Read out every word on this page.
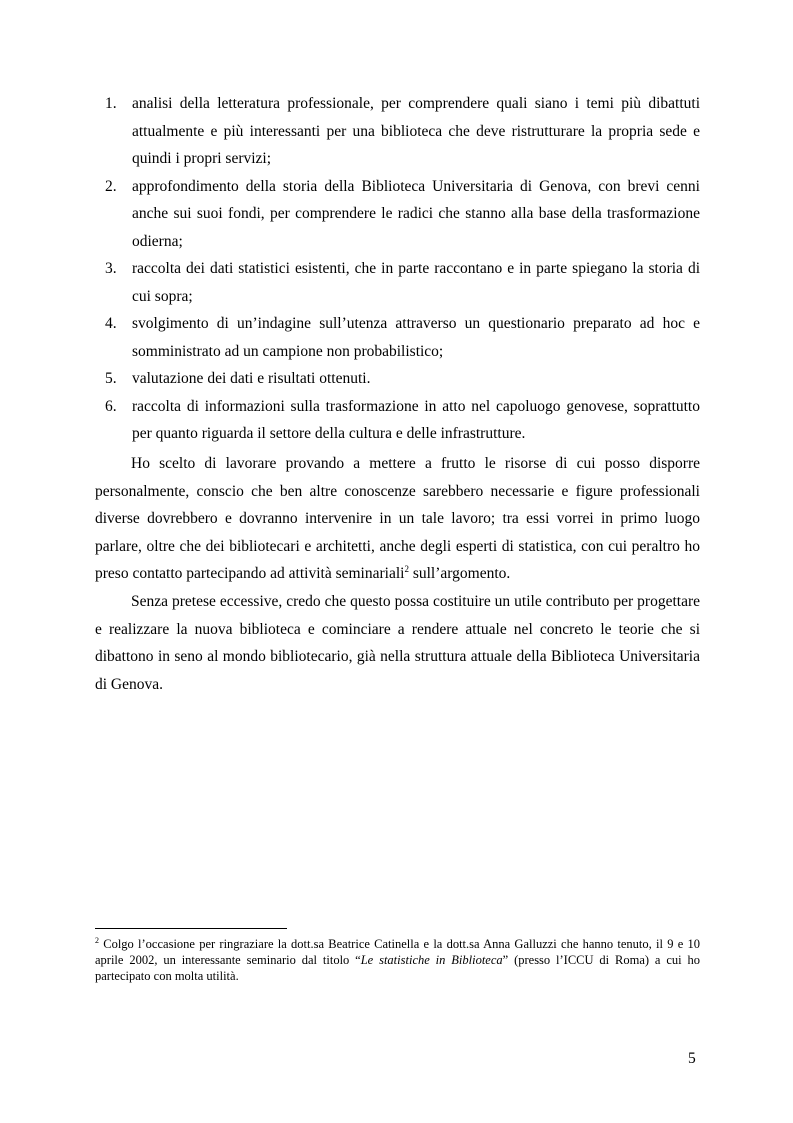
1. analisi della letteratura professionale, per comprendere quali siano i temi più dibattuti attualmente e più interessanti per una biblioteca che deve ristrutturare la propria sede e quindi i propri servizi;
2. approfondimento della storia della Biblioteca Universitaria di Genova, con brevi cenni anche sui suoi fondi, per comprendere le radici che stanno alla base della trasformazione odierna;
3. raccolta dei dati statistici esistenti, che in parte raccontano e in parte spiegano la storia di cui sopra;
4. svolgimento di un’indagine sull’utenza attraverso un questionario preparato ad hoc e somministrato ad un campione non probabilistico;
5. valutazione dei dati e risultati ottenuti.
6. raccolta di informazioni sulla trasformazione in atto nel capoluogo genovese, soprattutto per quanto riguarda il settore della cultura e delle infrastrutture.

Ho scelto di lavorare provando a mettere a frutto le risorse di cui posso disporre personalmente, conscio che ben altre conoscenze sarebbero necessarie e figure professionali diverse dovrebbero e dovranno intervenire in un tale lavoro; tra essi vorrei in primo luogo parlare, oltre che dei bibliotecari e architetti, anche degli esperti di statistica, con cui peraltro ho preso contatto partecipando ad attività seminariali$^2$ sull’argomento.

Senza pretese eccessive, credo che questo possa costituire un utile contributo per progettare e realizzare la nuova biblioteca e cominciare a rendere attuale nel concreto le teorie che si dibattono in seno al mondo bibliotecario, già nella struttura attuale della Biblioteca Universitaria di Genova.

$^2$ Colgo l’occasione per ringraziare la dott.sa Beatrice Catinella e la dott.sa Anna Galluzzi che hanno tenuto, il 9 e 10 aprile 2002, un interessante seminario dal titolo “Le statistiche in Biblioteca” (presso l’ICCU di Roma) a cui ho partecipato con molta utilità.

5
